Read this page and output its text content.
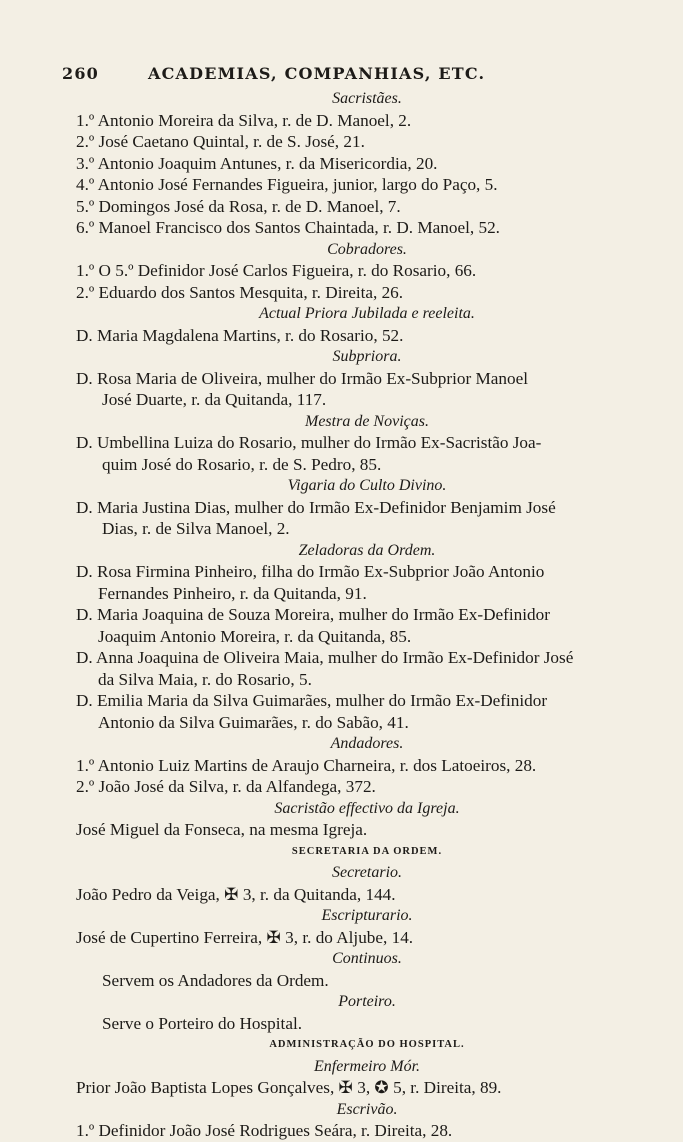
260	ACADEMIAS, COMPANHIAS, ETC.
Sacristães.
1.º Antonio Moreira da Silva, r. de D. Manoel, 2.
2.º José Caetano Quintal, r. de S. José, 21.
3.º Antonio Joaquim Antunes, r. da Misericordia, 20.
4.º Antonio José Fernandes Figueira, junior, largo do Paço, 5.
5.º Domingos José da Rosa, r. de D. Manoel, 7.
6.º Manoel Francisco dos Santos Chaintada, r. D. Manoel, 52.
Cobradores.
1.º O 5.º Definidor José Carlos Figueira, r. do Rosario, 66.
2.º Eduardo dos Santos Mesquita, r. Direita, 26.
Actual Priora Jubilada e reeleita.
D. Maria Magdalena Martins, r. do Rosario, 52.
Subpriora.
D. Rosa Maria de Oliveira, mulher do Irmão Ex-Subprior Manoel
José Duarte, r. da Quitanda, 117.
Mestra de Noviças.
D. Umbellina Luiza do Rosario, mulher do Irmão Ex-Sacristão Joa-
quim José do Rosario, r. de S. Pedro, 85.
Vigaria do Culto Divino.
D. Maria Justina Dias, mulher do Irmão Ex-Definidor Benjamim José
Dias, r. de Silva Manoel, 2.
Zeladoras da Ordem.
D. Rosa Firmina Pinheiro, filha do Irmão Ex-Subprior João Antonio
Fernandes Pinheiro, r. da Quitanda, 91.
D. Maria Joaquina de Souza Moreira, mulher do Irmão Ex-Definidor
Joaquim Antonio Moreira, r. da Quitanda, 85.
D. Anna Joaquina de Oliveira Maia, mulher do Irmão Ex-Definidor José
da Silva Maia, r. do Rosario, 5.
D. Emilia Maria da Silva Guimarães, mulher do Irmão Ex-Definidor
Antonio da Silva Guimarães, r. do Sabão, 41.
Andadores.
1.º Antonio Luiz Martins de Araujo Charneira, r. dos Latoeiros, 28.
2.º João José da Silva, r. da Alfandega, 372.
Sacristão effectivo da Igreja.
José Miguel da Fonseca, na mesma Igreja.
SECRETARIA DA ORDEM.
Secretario.
João Pedro da Veiga, ✠ 3, r. da Quitanda, 144.
Escripturario.
José de Cupertino Ferreira, ✠ 3, r. do Aljube, 14.
Continuos.
Servem os Andadores da Ordem.
Porteiro.
Serve o Porteiro do Hospital.
ADMINISTRAÇÃO DO HOSPITAL.
Enfermeiro Mór.
Prior João Baptista Lopes Gonçalves, ✠ 3, ✪ 5, r. Direita, 89.
Escrivão.
1.º Definidor João José Rodrigues Seára, r. Direita, 28.
